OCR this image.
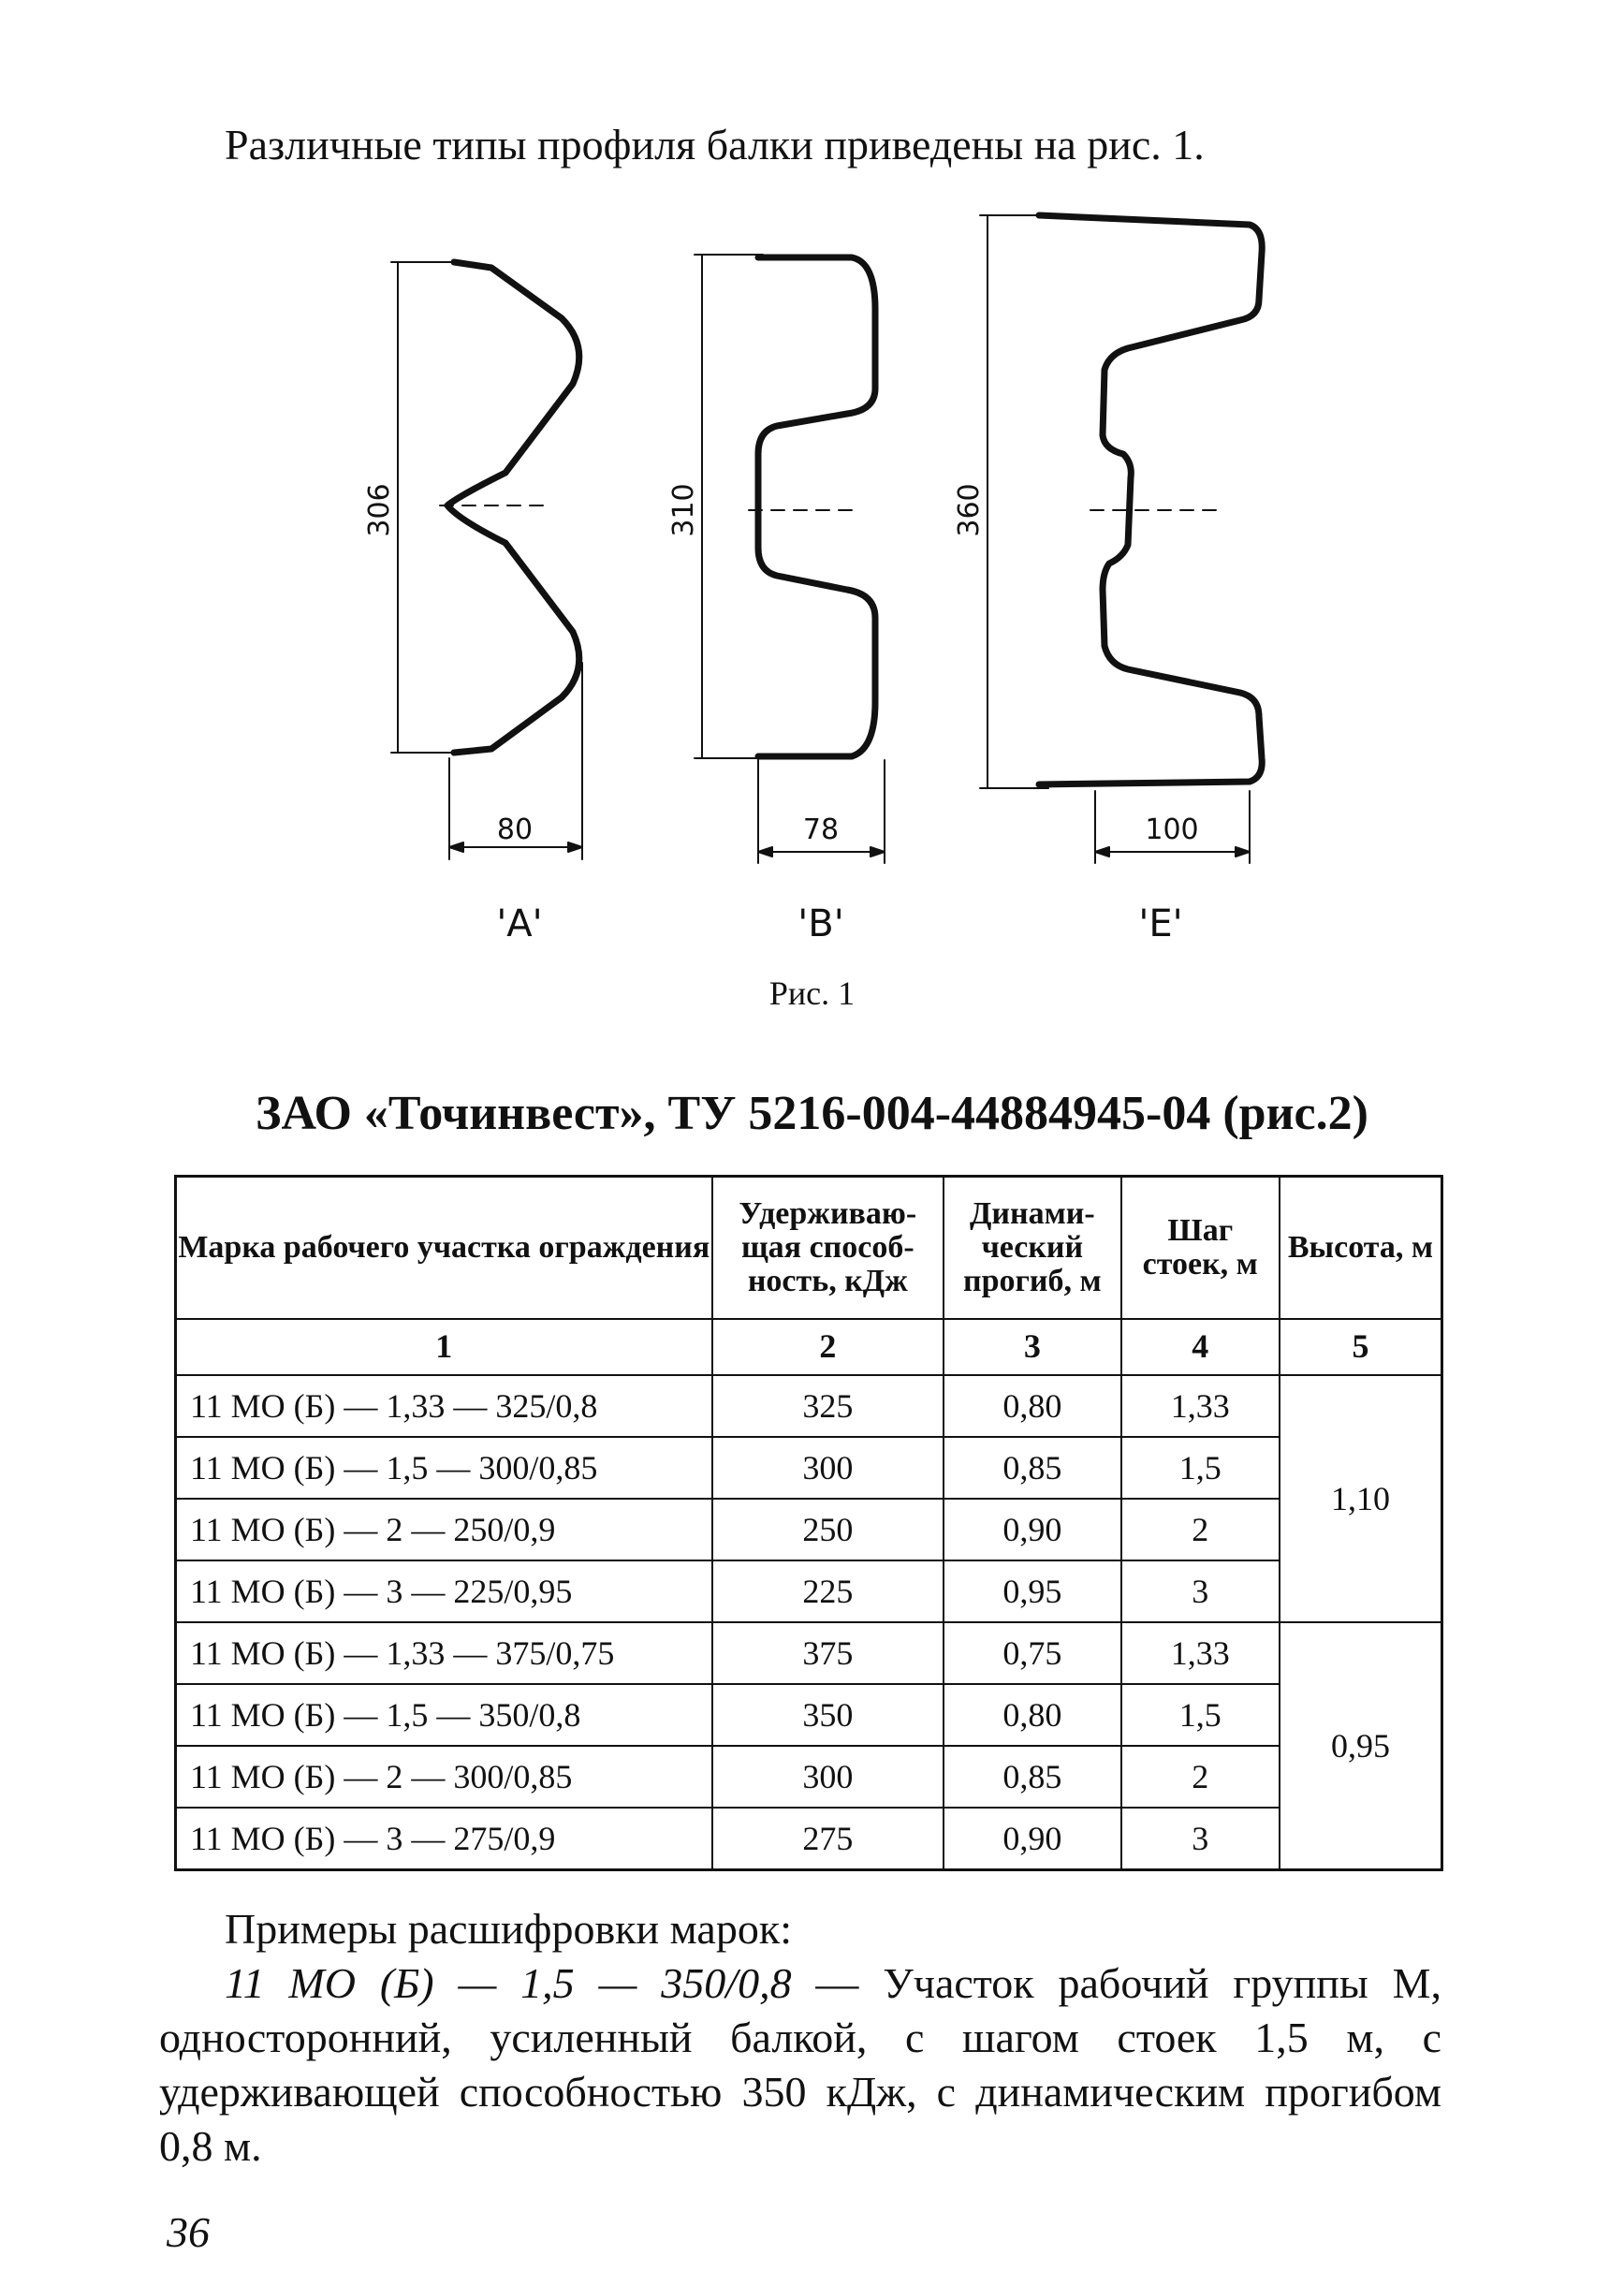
Различные типы профиля балки приведены на рис. 1.

306	310	360
80	78	100
'A'	'B'	'E'
Рис. 1
ЗАО «Точинвест», ТУ 5216-004-44884945-04 (рис.2)
Марка рабочего участка ограждения	Удерживаю-щая способ-ность, кДж	Динами-ческий прогиб, м	Шаг стоек, м	Высота, м
1	2	3	4	5
11 МО (Б) — 1,33 — 325/0,8	325	0,80	1,33	1,10
11 МО (Б) — 1,5 — 300/0,85	300	0,85	1,5	
11 МО (Б) — 2 — 250/0,9	250	0,90	2	
11 МО (Б) — 3 — 225/0,95	225	0,95	3	
11 МО (Б) — 1,33 — 375/0,75	375	0,75	1,33	0,95
11 МО (Б) — 1,5 — 350/0,8	350	0,80	1,5	
11 МО (Б) — 2 — 300/0,85	300	0,85	2	
11 МО (Б) — 3 — 275/0,9	275	0,90	3	
Примеры расшифровки марок:
11 МО (Б) — 1,5 — 350/0,8 — Участок рабочий группы М, односторонний, усиленный балкой, с шагом стоек 1,5 м, с удерживающей способностью 350 кДж, с динамическим прогибом 0,8 м.
36
